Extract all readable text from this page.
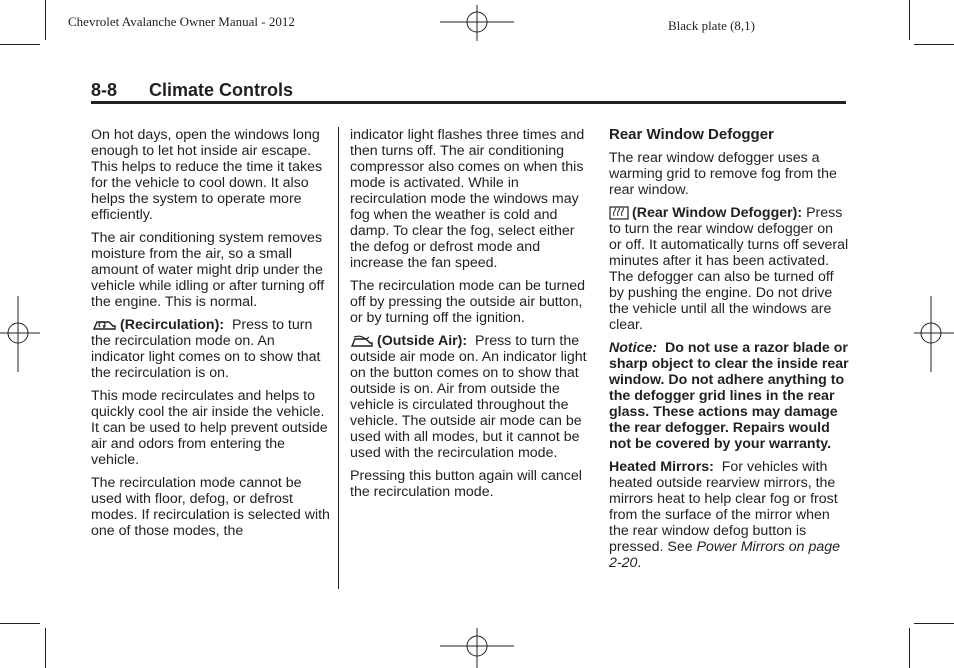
Chevrolet Avalanche Owner Manual - 2012	Black plate (8,1)
8-8 Climate Controls

On hot days, open the windows long enough to let hot inside air escape. This helps to reduce the time it takes for the vehicle to cool down. It also helps the system to operate more efficiently.

The air conditioning system removes moisture from the air, so a small amount of water might drip under the vehicle while idling or after turning off the engine. This is normal.

(Recirculation): Press to turn the recirculation mode on. An indicator light comes on to show that the recirculation is on.

This mode recirculates and helps to quickly cool the air inside the vehicle. It can be used to help prevent outside air and odors from entering the vehicle.

The recirculation mode cannot be used with floor, defog, or defrost modes. If recirculation is selected with one of those modes, the

indicator light flashes three times and then turns off. The air conditioning compressor also comes on when this mode is activated. While in recirculation mode the windows may fog when the weather is cold and damp. To clear the fog, select either the defog or defrost mode and increase the fan speed.

The recirculation mode can be turned off by pressing the outside air button, or by turning off the ignition.

(Outside Air): Press to turn the outside air mode on. An indicator light on the button comes on to show that outside is on. Air from outside the vehicle is circulated throughout the vehicle. The outside air mode can be used with all modes, but it cannot be used with the recirculation mode.

Pressing this button again will cancel the recirculation mode.

Rear Window Defogger

The rear window defogger uses a warming grid to remove fog from the rear window.

(Rear Window Defogger): Press to turn the rear window defogger on or off. It automatically turns off several minutes after it has been activated. The defogger can also be turned off by pushing the engine. Do not drive the vehicle until all the windows are clear.

Notice: Do not use a razor blade or sharp object to clear the inside rear window. Do not adhere anything to the defogger grid lines in the rear glass. These actions may damage the rear defogger. Repairs would not be covered by your warranty.

Heated Mirrors: For vehicles with heated outside rearview mirrors, the mirrors heat to help clear fog or frost from the surface of the mirror when the rear window defog button is pressed. See Power Mirrors on page 2-20.
